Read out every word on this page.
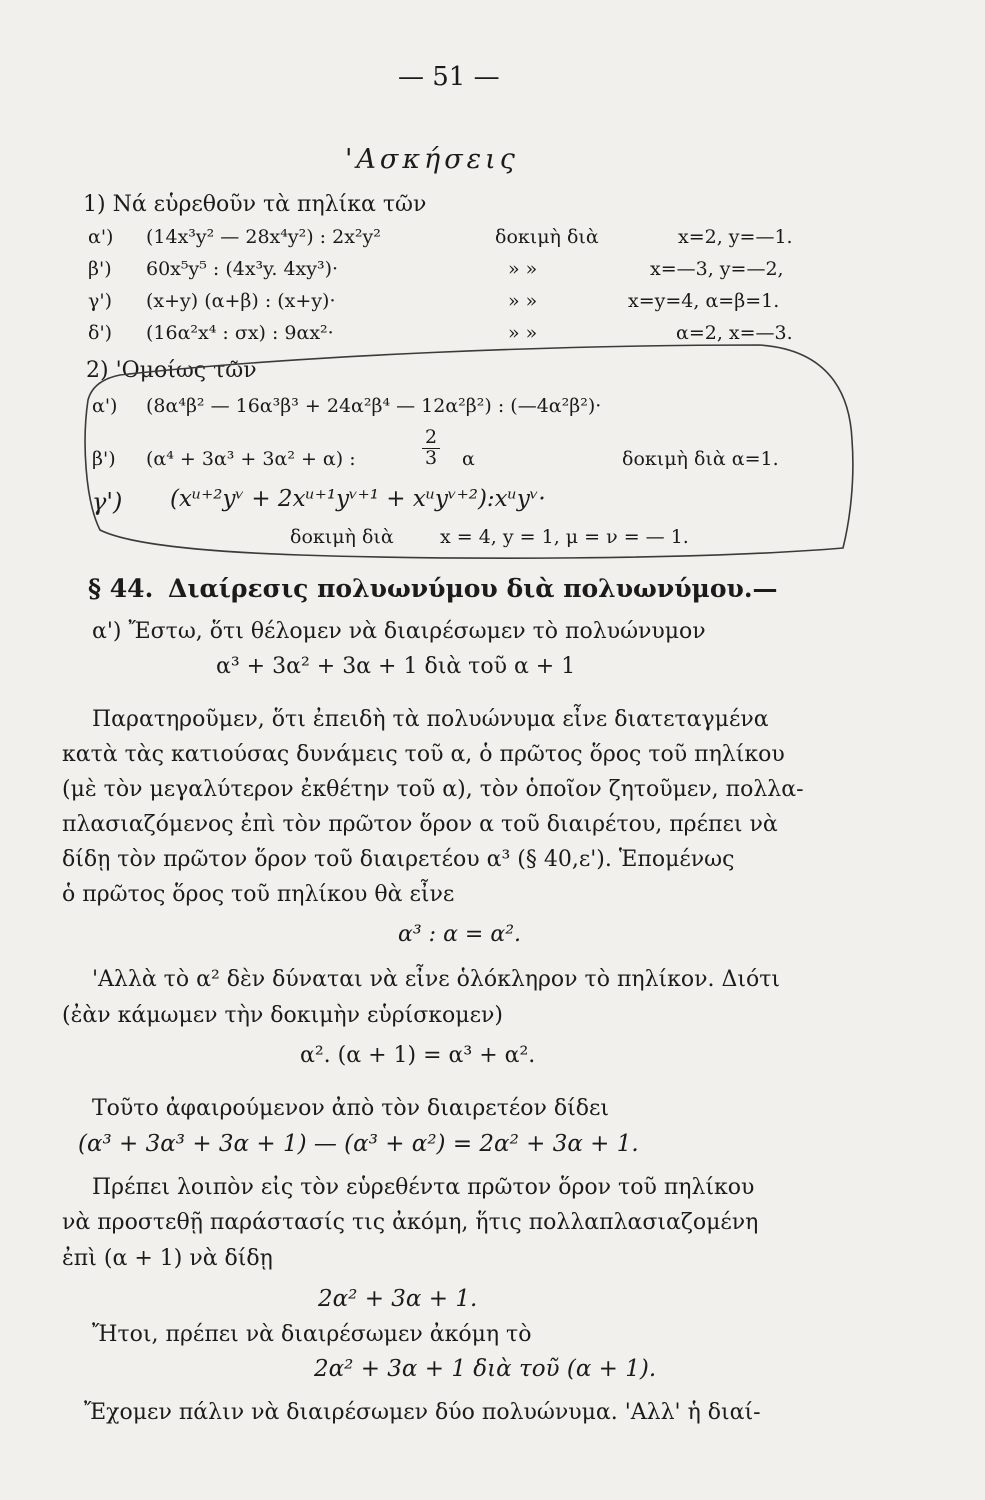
— 51 —
'Ασκήσεις
1) Νά εὑρεθοῦν τὰ πηλίκα τῶν
α') (14x³y² — 28x⁴y²) : 2x²y²	δοκιμὴ διὰ	x=2, y=—1.
β') 60x⁵y⁵ : (4x³y. 4xy³)·	» »	x=—3, y=—2,
γ') (x+y) (α+β) : (x+y)·	» »	x=y=4, α=β=1.
δ') (16α²x⁴ : σx) : 9αx²·	» »	α=2, x=—3.
2) 'Ομοίως τῶν
α') (8α⁴β² — 16α³β³ + 24α²β⁴ — 12α²β²) : (—4α²β²)·
β') (α⁴ + 3α³ + 3α² + α) :	$\frac{2}{3}$ α	δοκιμὴ διὰ α=1.
γ') (xᵘ⁺²yᵛ + 2xᵘ⁺¹yᵛ⁺¹ + xᵘyᵛ⁺²):xᵘyᵛ·
δοκιμὴ διὰ x = 4, y = 1, μ = ν = — 1.
§ 44. Διαίρεσις πολυωνύμου διὰ πολυωνύμου.—
α') Ἔστω, ὅτι θέλομεν νὰ διαιρέσωμεν τὸ πολυώνυμον
α³ + 3α² + 3α + 1 διὰ τοῦ α + 1
Παρατηροῦμεν, ὅτι ἐπειδὴ τὰ πολυώνυμα εἶνε διατεταγμένα
κατὰ τὰς κατιούσας δυνάμεις τοῦ α, ὁ πρῶτος ὅρος τοῦ πηλίκου
(μὲ τὸν μεγαλύτερον ἐκθέτην τοῦ α), τὸν ὁποῖον ζητοῦμεν, πολλα-
πλασιαζόμενος ἐπὶ τὸν πρῶτον ὅρον α τοῦ διαιρέτου, πρέπει νὰ
δίδῃ τὸν πρῶτον ὅρον τοῦ διαιρετέου α³ (§ 40,ε'). Ἑπομένως
ὁ πρῶτος ὅρος τοῦ πηλίκου θὰ εἶνε
α³ : α = α².
'Αλλὰ τὸ α² δὲν δύναται νὰ εἶνε ὁλόκληρον τὸ πηλίκον. Διότι
(ἐὰν κάμωμεν τὴν δοκιμὴν εὑρίσκομεν)
α². (α + 1) = α³ + α².
Τοῦτο ἀφαιρούμενον ἀπὸ τὸν διαιρετέον δίδει
(α³ + 3α³ + 3α + 1) — (α³ + α²) = 2α² + 3α + 1.
Πρέπει λοιπὸν εἰς τὸν εὑρεθέντα πρῶτον ὅρον τοῦ πηλίκου
νὰ προστεθῇ παράστασίς τις ἀκόμη, ἥτις πολλαπλασιαζομένη
ἐπὶ (α + 1) νὰ δίδῃ
2α² + 3α + 1.
Ἤτοι, πρέπει νὰ διαιρέσωμεν ἀκόμη τὸ
2α² + 3α + 1 διὰ τοῦ (α + 1).
Ἔχομεν πάλιν νὰ διαιρέσωμεν δύο πολυώνυμα. 'Αλλ' ἡ διαί-
